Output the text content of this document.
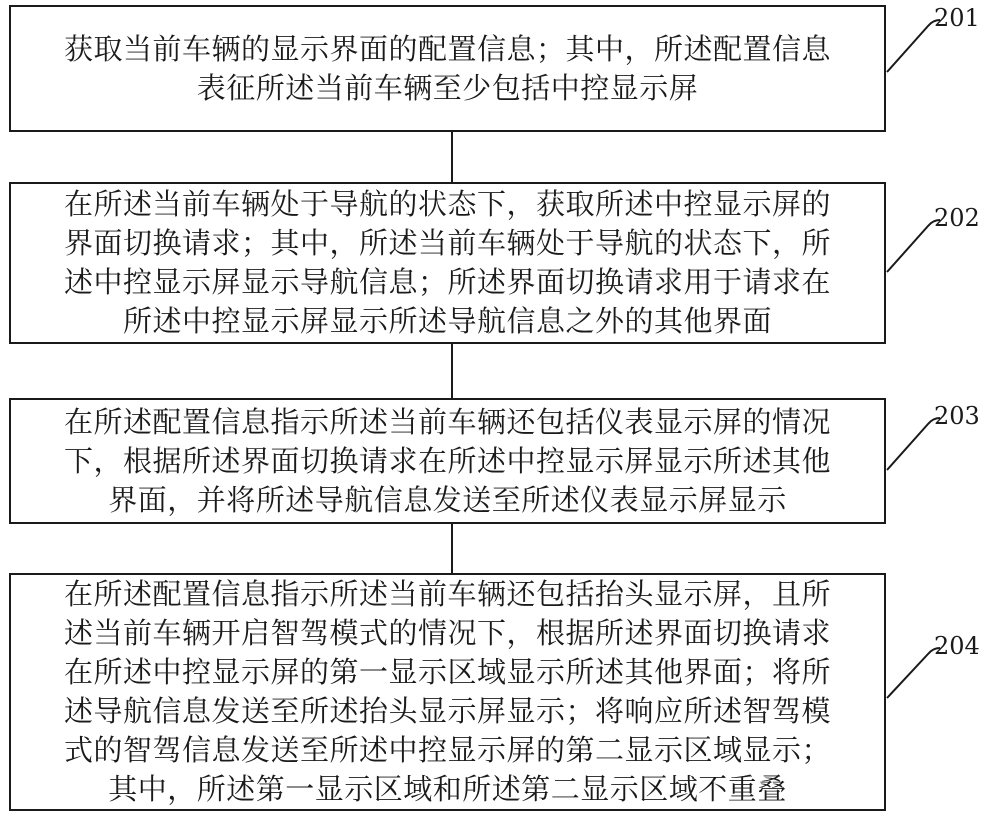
获取当前车辆的显示界面的配置信息；其中，所述配置信息
表征所述当前车辆至少包括中控显示屏
在所述当前车辆处于导航的状态下，获取所述中控显示屏的
界面切换请求；其中，所述当前车辆处于导航的状态下，所
述中控显示屏显示导航信息；所述界面切换请求用于请求在
所述中控显示屏显示所述导航信息之外的其他界面
在所述配置信息指示所述当前车辆还包括仪表显示屏的情况
下，根据所述界面切换请求在所述中控显示屏显示所述其他
界面，并将所述导航信息发送至所述仪表显示屏显示
在所述配置信息指示所述当前车辆还包括抬头显示屏，且所
述当前车辆开启智驾模式的情况下，根据所述界面切换请求
在所述中控显示屏的第一显示区域显示所述其他界面；将所
述导航信息发送至所述抬头显示屏显示；将响应所述智驾模
式的智驾信息发送至所述中控显示屏的第二显示区域显示；
其中，所述第一显示区域和所述第二显示区域不重叠
201
202
203
204
